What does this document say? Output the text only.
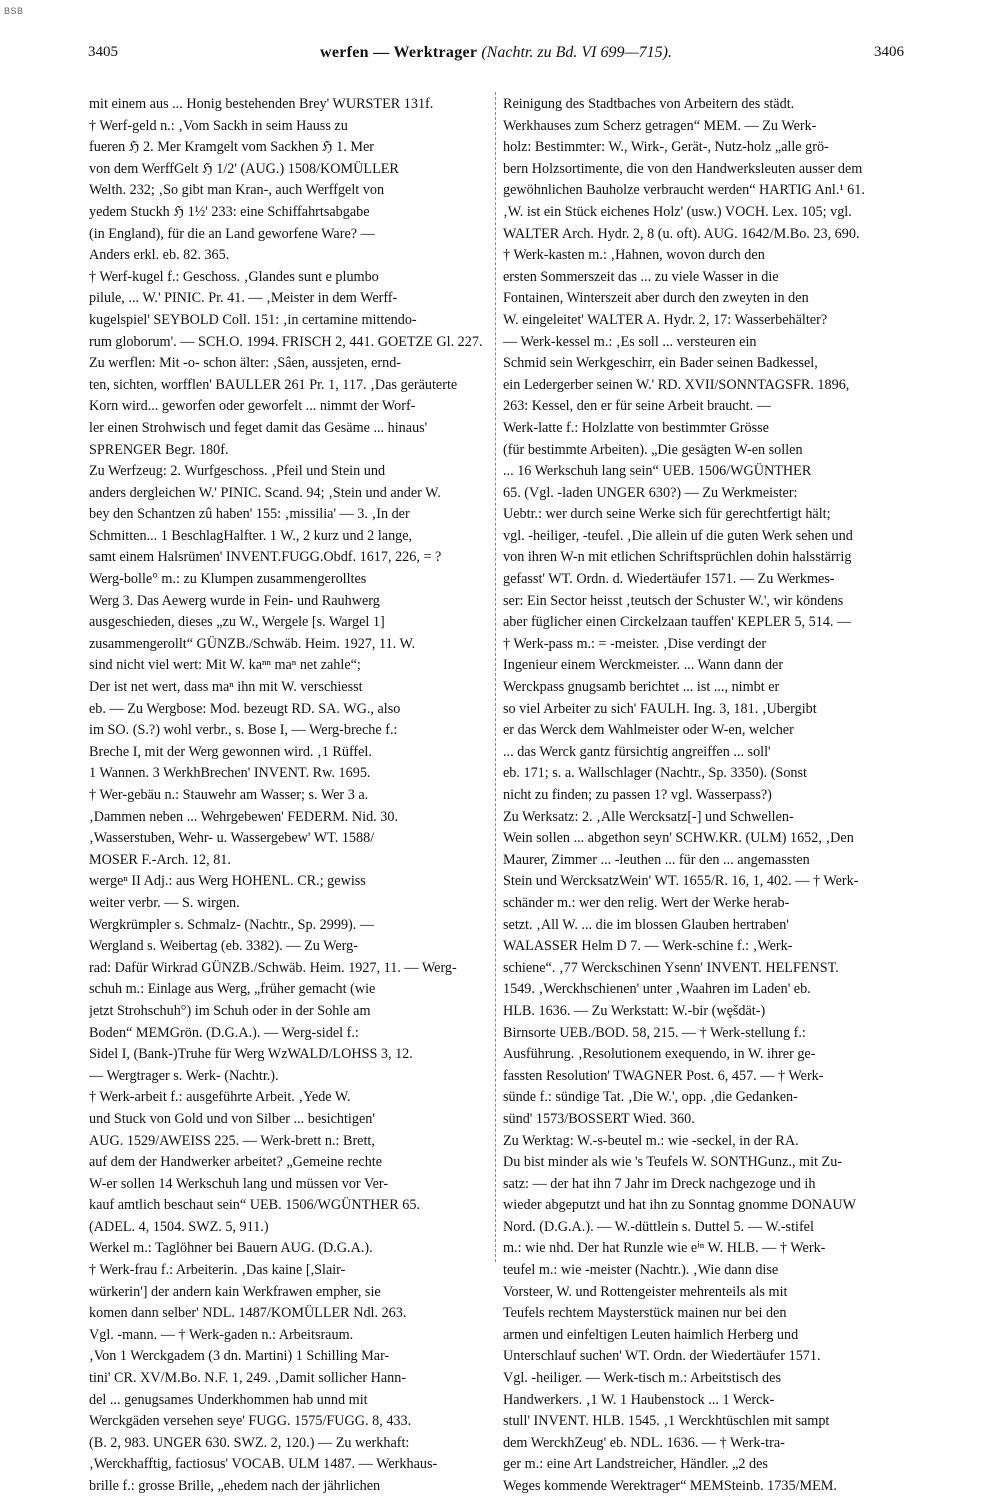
BSB
3405	werfen — Werktrager (Nachtr. zu Bd. VI 699—715).	3406
mit einem aus ... Honig bestehenden Brey' WURSTER 131f.
† Werf-geld n.: ‚Vom Sackh in seim Hauss zu
fueren ℌ 2. Mer Kramgelt vom Sackhen ℌ 1. Mer
von dem WerffGelt ℌ 1/2' (AUG.) 1508/KOMÜLLER
Welth. 232; ‚So gibt man Kran-, auch Werffgelt von
yedem Stuckh ℌ 1½' 233: eine Schiffahrtsabgabe
(in England), für die an Land geworfene Ware? —
Anders erkl. eb. 82. 365.
† Werf-kugel f.: Geschoss. ‚Glandes sunt e plumbo
pilule, ... W.' PINIC. Pr. 41. — ‚Meister in dem Werff-
kugelspiel' SEYBOLD Coll. 151: ‚in certamine mittendo-
rum globorum'. — SCH.O. 1994. FRISCH 2, 441. GOETZE Gl. 227.
Zu werflen: Mit -o- schon älter: ‚Sâen, aussjeten, ernd-
ten, sichten, worfflen' BAULLER 261 Pr. 1, 117. ‚Das geräuterte
Korn wird... geworfen oder geworfelt ... nimmt der Worf-
ler einen Strohwisch und feget damit das Gesäme ... hinaus'
SPRENGER Begr. 180f.
Zu Werfzeug: 2. Wurfgeschoss. ‚Pfeil und Stein und
anders dergleichen W.' PINIC. Scand. 94; ‚Stein und ander W.
bey den Schantzen zû haben' 155: ‚missilia' — 3. ‚In der
Schmitten... 1 BeschlagHalfter. 1 W., 2 kurz und 2 lange,
samt einem Halsrümen' INVENT.FUGG.Obdf. 1617, 226, = ?
Werg-bolle° m.: zu Klumpen zusammengerolltes
Werg 3. Das Aewerg wurde in Fein- und Rauhwerg
ausgeschieden, dieses „zu W., Wergele [s. Wargel 1]
zusammengerollt“ GÜNZB./Schwäb. Heim. 1927, 11. W.
sind nicht viel wert: Mit W. kaⁿⁿ maⁿ net zahle“;
Der ist net wert, dass maⁿ ihn mit W. verschiesst
eb. — Zu Wergbose: Mod. bezeugt RD. SA. WG., also
im SO. (S.?) wohl verbr., s. Bose I, — Werg-breche f.:
Breche I, mit der Werg gewonnen wird. ‚1 Rüffel.
1 Wannen. 3 WerkhBrechen' INVENT. Rw. 1695.
† Wer-gebäu n.: Stauwehr am Wasser; s. Wer 3 a.
‚Dammen neben ... Wehrgebewen' FEDERM. Nid. 30.
‚Wasserstuben, Wehr- u. Wassergebew' WT. 1588/
MOSER F.-Arch. 12, 81.
wergeⁿ II Adj.: aus Werg HOHENL. CR.; gewiss
weiter verbr. — S. wirgen.
Wergkrümpler s. Schmalz- (Nachtr., Sp. 2999). —
Wergland s. Weibertag (eb. 3382). — Zu Werg-
rad: Dafür Wirkrad GÜNZB./Schwäb. Heim. 1927, 11. — Werg-
schuh m.: Einlage aus Werg, „früher gemacht (wie
jetzt Strohschuh°) im Schuh oder in der Sohle am
Boden“ MEMGrön. (D.G.A.). — Werg-sidel f.:
Sidel I, (Bank-)Truhe für Werg WzWALD/LOHSS 3, 12.
— Wergtrager s. Werk- (Nachtr.).
† Werk-arbeit f.: ausgeführte Arbeit. ‚Yede W.
und Stuck von Gold und von Silber ... besichtigen'
AUG. 1529/AWEISS 225. — Werk-brett n.: Brett,
auf dem der Handwerker arbeitet? „Gemeine rechte
W-er sollen 14 Werkschuh lang und müssen vor Ver-
kauf amtlich beschaut sein“ UEB. 1506/WGÜNTHER 65.
(ADEL. 4, 1504. SWZ. 5, 911.)
Werkel m.: Taglöhner bei Bauern AUG. (D.G.A.).
† Werk-frau f.: Arbeiterin. ‚Das kaine [,Slair-
würkerin'] der andern kain Werkfrawen empher, sie
komen dann selber' NDL. 1487/KOMÜLLER Ndl. 263.
Vgl. -mann. — † Werk-gaden n.: Arbeitsraum.
‚Von 1 Werckgadem (3 dn. Martini) 1 Schilling Mar-
tini' CR. XV/M.Bo. N.F. 1, 249. ‚Damit sollicher Hann-
del ... genugsames Underkhommen hab unnd mit
Werckgäden versehen seye' FUGG. 1575/FUGG. 8, 433.
(B. 2, 983. UNGER 630. SWZ. 2, 120.) — Zu werkhaft:
‚Werckhafftig, factiosus' VOCAB. ULM 1487. — Werkhaus-
brille f.: grosse Brille, „ehedem nach der jährlichen
Reinigung des Stadtbaches von Arbeitern des städt.
Werkhauses zum Scherz getragen“ MEM. — Zu Werk-
holz: Bestimmter: W., Wirk-, Gerät-, Nutz-holz „alle grö-
bern Holzsortimente, die von den Handwerksleuten ausser dem
gewöhnlichen Bauholze verbraucht werden“ HARTIG Anl.¹ 61.
‚W. ist ein Stück eichenes Holz' (usw.) VOCH. Lex. 105; vgl.
WALTER Arch. Hydr. 2, 8 (u. oft). AUG. 1642/M.Bo. 23, 690.
† Werk-kasten m.: ‚Hahnen, wovon durch den
ersten Sommerszeit das ... zu viele Wasser in die
Fontainen, Winterszeit aber durch den zweyten in den
W. eingeleitet' WALTER A. Hydr. 2, 17: Wasserbehälter?
— Werk-kessel m.: ‚Es soll ... versteuren ein
Schmid sein Werkgeschirr, ein Bader seinen Badkessel,
ein Ledergerber seinen W.' RD. XVII/SONNTAGSFR. 1896,
263: Kessel, den er für seine Arbeit braucht. —
Werk-latte f.: Holzlatte von bestimmter Grösse
(für bestimmte Arbeiten). „Die gesägten W-en sollen
... 16 Werkschuh lang sein“ UEB. 1506/WGÜNTHER
65. (Vgl. -laden UNGER 630?) — Zu Werkmeister:
Uebtr.: wer durch seine Werke sich für gerechtfertigt hält;
vgl. -heiliger, -teufel. ‚Die allein uf die guten Werk sehen und
von ihren W-n mit etlichen Schriftsprüchlen dohin halsstärrig
gefasst' WT. Ordn. d. Wiedertäufer 1571. — Zu Werkmes-
ser: Ein Sector heisst ‚teutsch der Schuster W.', wir köndens
aber füglicher einen Circkelzaan tauffen' KEPLER 5, 514. —
† Werk-pass m.: = -meister. ‚Dise verdingt der
Ingenieur einem Werckmeister. ... Wann dann der
Werckpass gnugsamb berichtet ... ist ..., nimbt er
so viel Arbeiter zu sich' FAULH. Ing. 3, 181. ‚Ubergibt
er das Werck dem Wahlmeister oder W-en, welcher
... das Werck gantz fürsichtig angreiffen ... soll'
eb. 171; s. a. Wallschlager (Nachtr., Sp. 3350). (Sonst
nicht zu finden; zu passen 1? vgl. Wasserpass?)
Zu Werksatz: 2. ‚Alle Wercksatz[-] und Schwellen-
Wein sollen ... abgethon seyn' SCHW.KR. (ULM) 1652, ‚Den
Maurer, Zimmer ... -leuthen ... für den ... angemassten
Stein und WercksatzWein' WT. 1655/R. 16, 1, 402. — † Werk-
schänder m.: wer den relig. Wert der Werke herab-
setzt. ‚All W. ... die im blossen Glauben hertraben'
WALASSER Helm D 7. — Werk-schine f.: ‚Werk-
schiene“. ‚77 Werckschinen Ysenn' INVENT. HELFENST.
1549. ‚Werckhschienen' unter ‚Waahren im Laden' eb.
HLB. 1636. — Zu Werkstatt: W.-bir (wȩšdät-)
Birnsorte UEB./BOD. 58, 215. — † Werk-stellung f.:
Ausführung. ‚Resolutionem exequendo, in W. ihrer ge-
fassten Resolution' TWAGNER Post. 6, 457. — † Werk-
sünde f.: sündige Tat. ‚Die W.', opp. ‚die Gedanken-
sünd' 1573/BOSSERT Wied. 360.
Zu Werktag: W.-s-beutel m.: wie -seckel, in der RA.
Du bist minder als wie 's Teufels W. SONTHGunz., mit Zu-
satz: — der hat ihn 7 Jahr im Dreck nachgezoge und ih
wieder abgeputzt und hat ihn zu Sonntag gnomme DONAUW
Nord. (D.G.A.). — W.-düttlein s. Duttel 5. — W.-stifel
m.: wie nhd. Der hat Runzle wie eⁱⁿ W. HLB. — † Werk-
teufel m.: wie -meister (Nachtr.). ‚Wie dann dise
Vorsteer, W. und Rottengeister mehrenteils als mit
Teufels rechtem Maysterstück mainen nur bei den
armen und einfeltigen Leuten haimlich Herberg und
Unterschlauf suchen' WT. Ordn. der Wiedertäufer 1571.
Vgl. -heiliger. — Werk-tisch m.: Arbeitstisch des
Handwerkers. ‚1 W. 1 Haubenstock ... 1 Werck-
stull' INVENT. HLB. 1545. ‚1 Werckhtüschlen mit sampt
dem WerckhZeug' eb. NDL. 1636. — † Werk-tra-
ger m.: eine Art Landstreicher, Händler. „2 des
Weges kommende Werektrager“ MEMSteinb. 1735/MEM.
